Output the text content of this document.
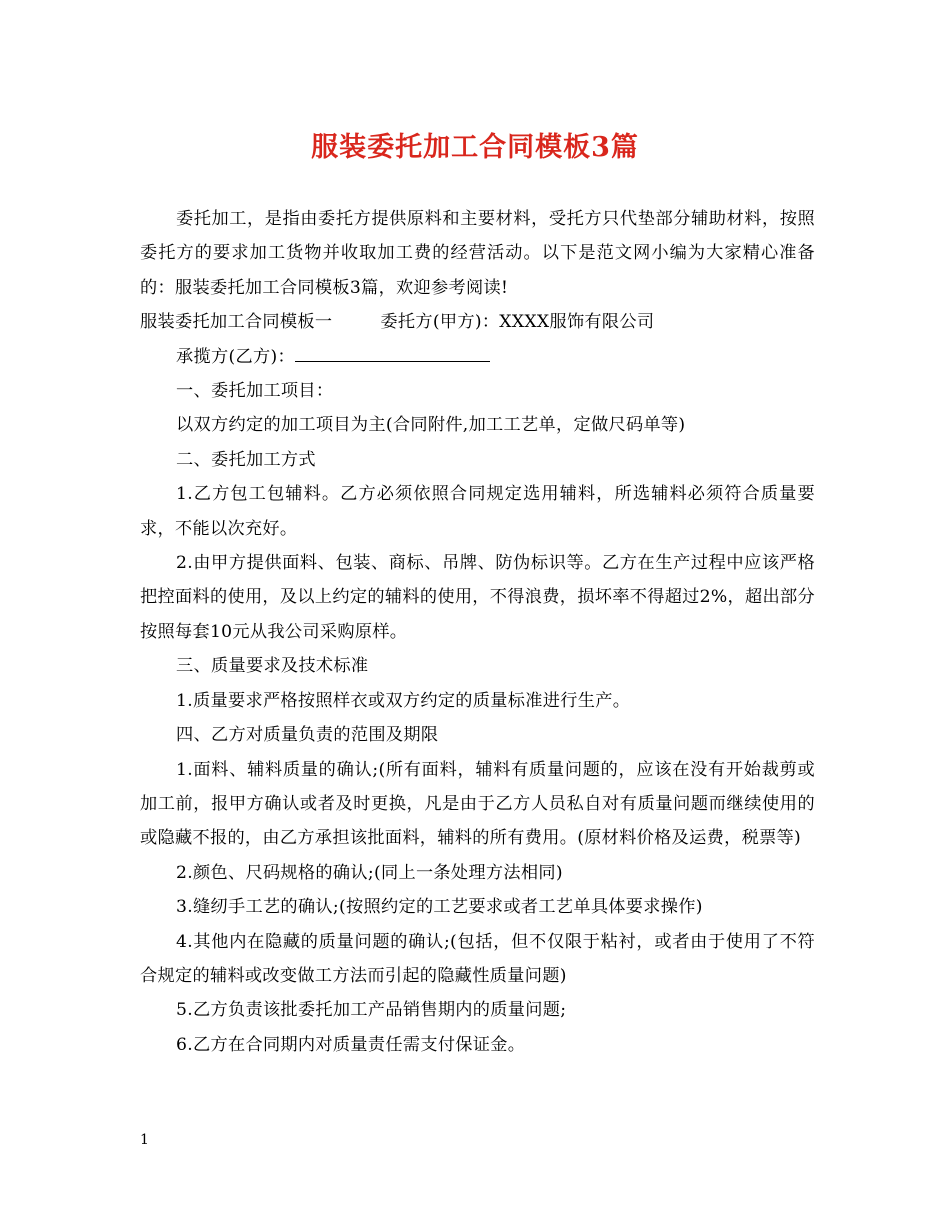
服装委托加工合同模板3篇

委托加工，是指由委托方提供原料和主要材料，受托方只代垫部分辅助材料，按照委托方的要求加工货物并收取加工费的经营活动。以下是范文网小编为大家精心准备的：服装委托加工合同模板3篇，欢迎参考阅读!

服装委托加工合同模板一	委托方(甲方)：XXXX服饰有限公司

承揽方(乙方)：

一、委托加工项目：

以双方约定的加工项目为主(合同附件,加工工艺单，定做尺码单等)

二、委托加工方式

1.乙方包工包辅料。乙方必须依照合同规定选用辅料，所选辅料必须符合质量要求，不能以次充好。

2.由甲方提供面料、包装、商标、吊牌、防伪标识等。乙方在生产过程中应该严格把控面料的使用，及以上约定的辅料的使用，不得浪费，损坏率不得超过2%，超出部分按照每套10元从我公司采购原样。

三、质量要求及技术标准

1.质量要求严格按照样衣或双方约定的质量标准进行生产。

四、乙方对质量负责的范围及期限

1.面料、辅料质量的确认;(所有面料，辅料有质量问题的，应该在没有开始裁剪或加工前，报甲方确认或者及时更换，凡是由于乙方人员私自对有质量问题而继续使用的或隐藏不报的，由乙方承担该批面料，辅料的所有费用。(原材料价格及运费，税票等)

2.颜色、尺码规格的确认;(同上一条处理方法相同)

3.缝纫手工艺的确认;(按照约定的工艺要求或者工艺单具体要求操作)

4.其他内在隐藏的质量问题的确认;(包括，但不仅限于粘衬，或者由于使用了不符合规定的辅料或改变做工方法而引起的隐藏性质量问题)

5.乙方负责该批委托加工产品销售期内的质量问题;

6.乙方在合同期内对质量责任需支付保证金。

1
